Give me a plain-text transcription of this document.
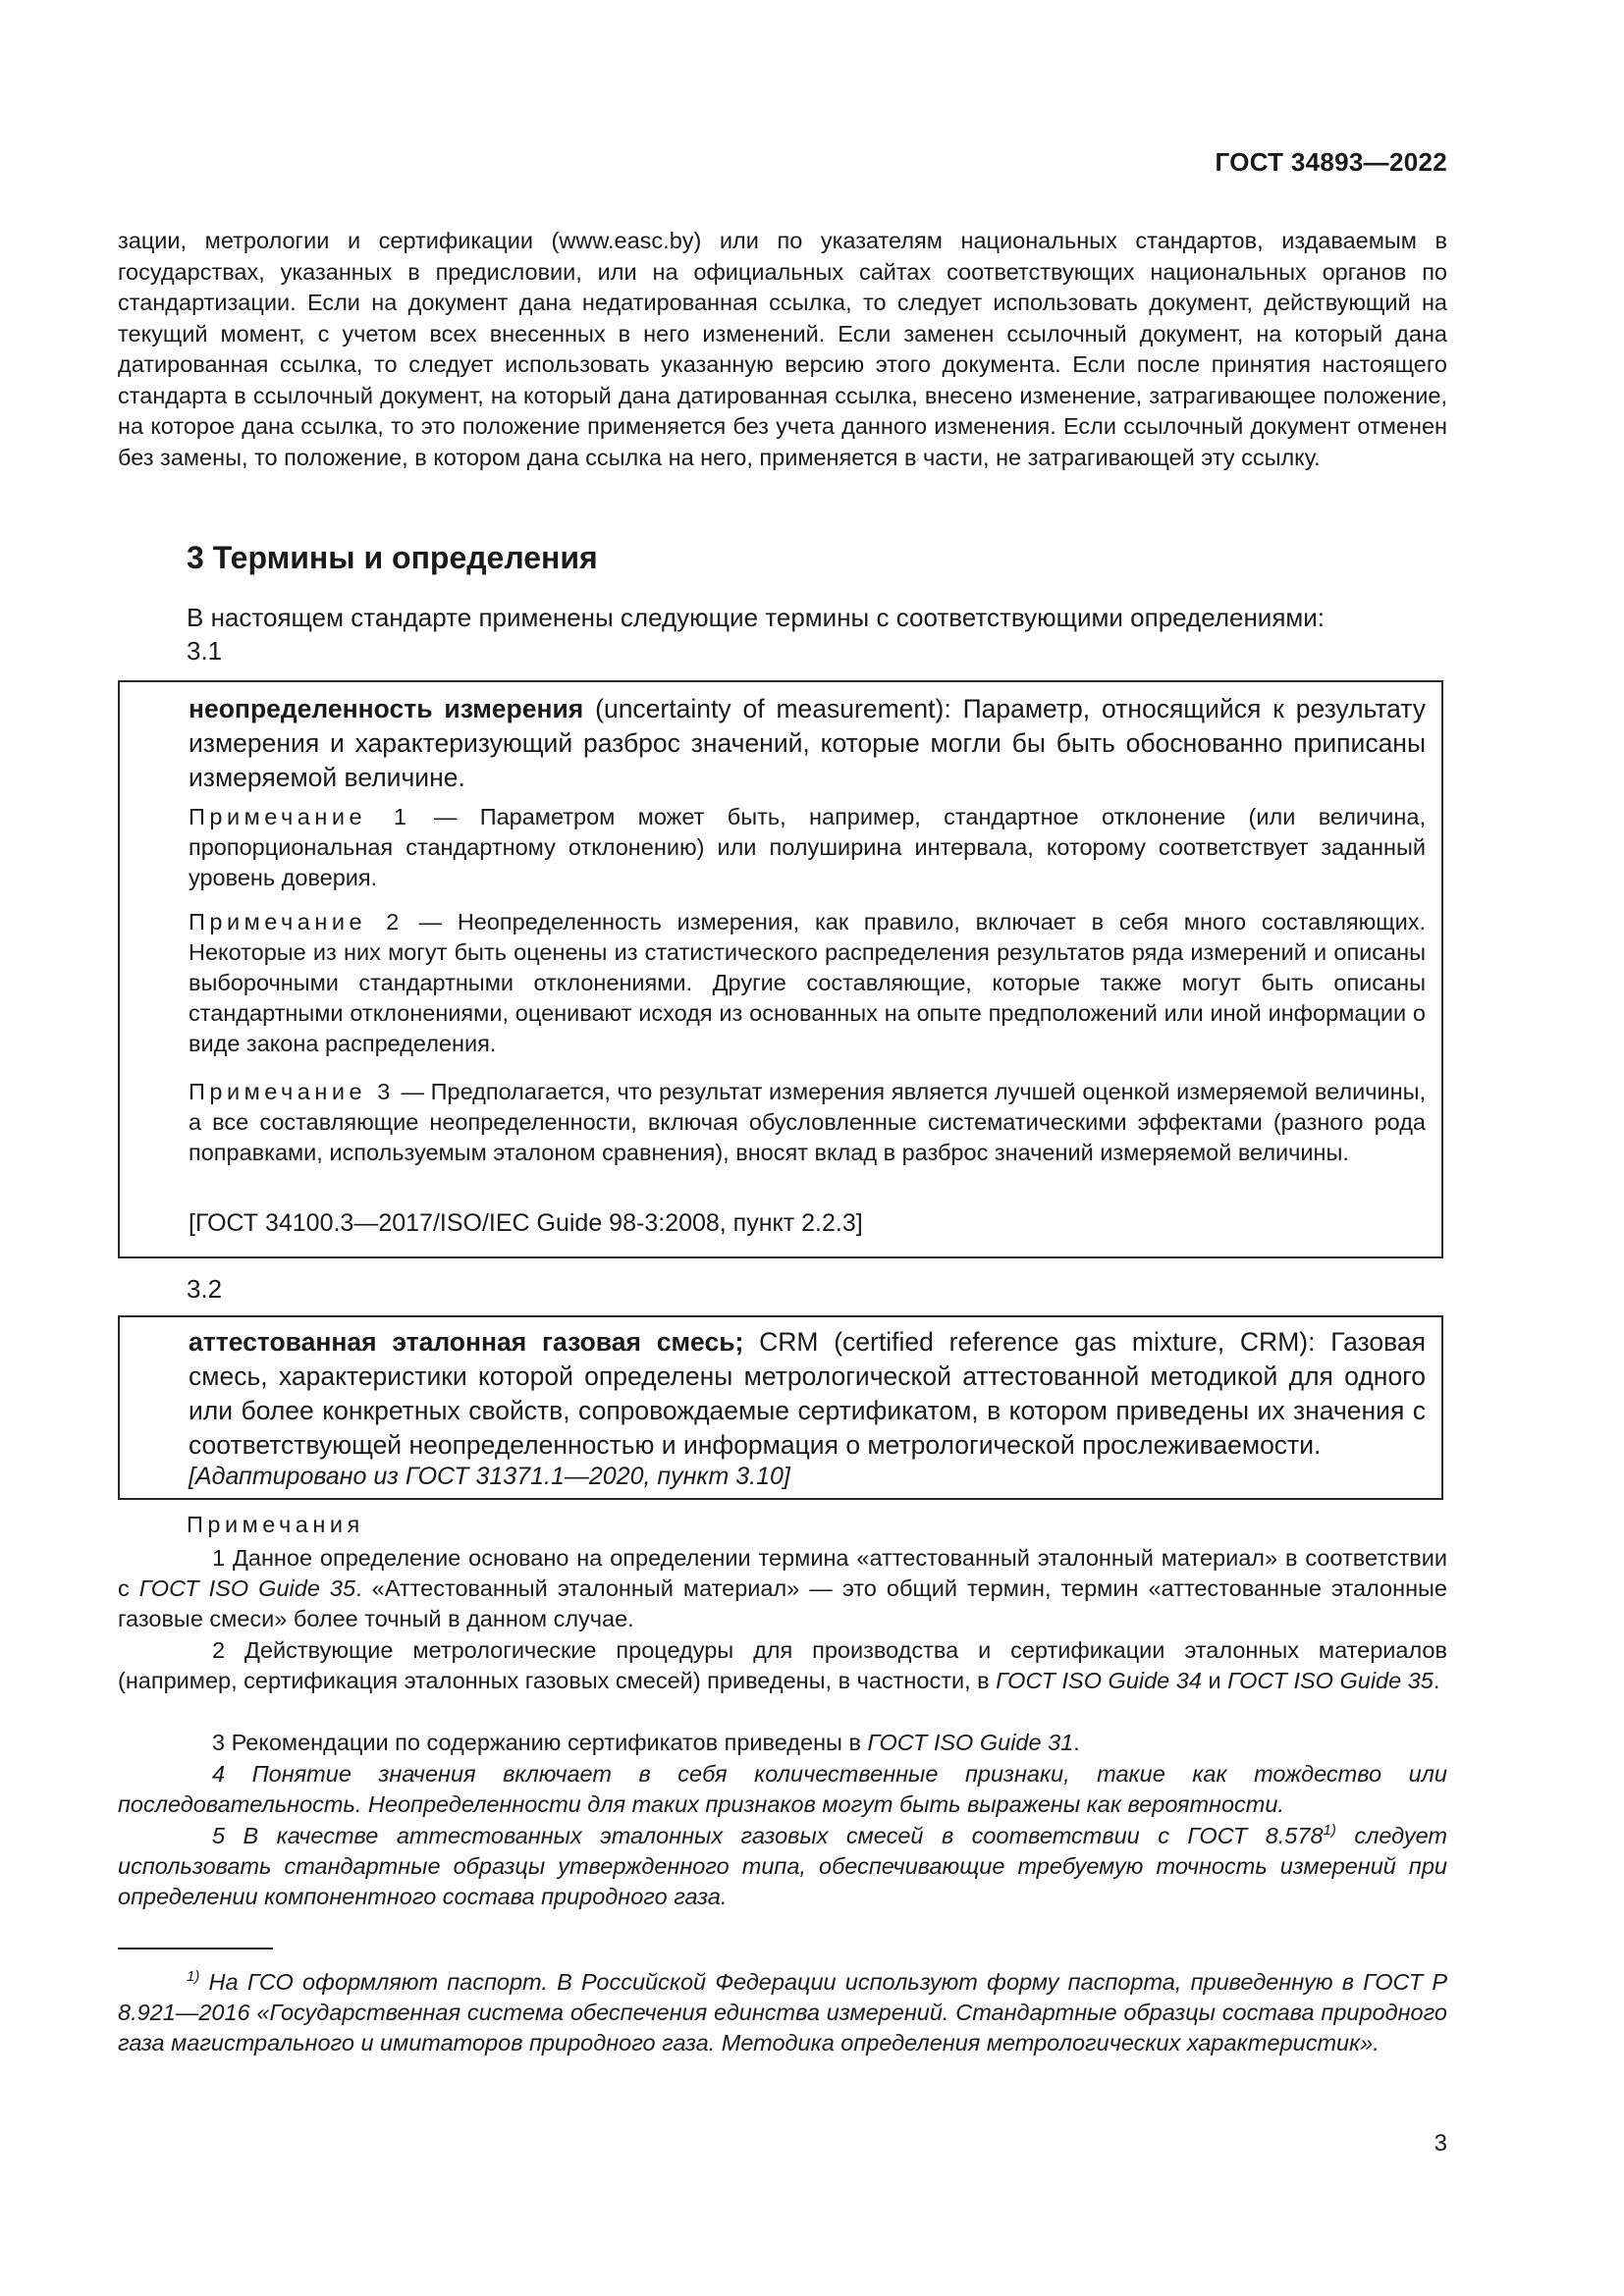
ГОСТ 34893—2022

зации, метрологии и сертификации (www.easc.by) или по указателям национальных стандартов, издаваемым в государствах, указанных в предисловии, или на официальных сайтах соответствующих национальных органов по стандартизации. Если на документ дана недатированная ссылка, то следует использовать документ, действующий на текущий момент, с учетом всех внесенных в него изменений. Если заменен ссылочный документ, на который дана датированная ссылка, то следует использовать указанную версию этого документа. Если после принятия настоящего стандарта в ссылочный документ, на который дана датированная ссылка, внесено изменение, затрагивающее положение, на которое дана ссылка, то это положение применяется без учета данного изменения. Если ссылочный документ отменен без замены, то положение, в котором дана ссылка на него, применяется в части, не затрагивающей эту ссылку.

3 Термины и определения

В настоящем стандарте применены следующие термины с соответствующими определениями:

3.1

неопределенность измерения (uncertainty of measurement): Параметр, относящийся к результату измерения и характеризующий разброс значений, которые могли бы быть обоснованно приписаны измеряемой величине.

Примечание 1 — Параметром может быть, например, стандартное отклонение (или величина, пропорциональная стандартному отклонению) или полуширина интервала, которому соответствует заданный уровень доверия.

Примечание 2 — Неопределенность измерения, как правило, включает в себя много составляющих. Некоторые из них могут быть оценены из статистического распределения результатов ряда измерений и описаны выборочными стандартными отклонениями. Другие составляющие, которые также могут быть описаны стандартными отклонениями, оценивают исходя из основанных на опыте предположений или иной информации о виде закона распределения.

Примечание 3 — Предполагается, что результат измерения является лучшей оценкой измеряемой величины, а все составляющие неопределенности, включая обусловленные систематическими эффектами (разного рода поправками, используемым эталоном сравнения), вносят вклад в разброс значений измеряемой величины.

[ГОСТ 34100.3—2017/ISO/IEC Guide 98-3:2008, пункт 2.2.3]

3.2

аттестованная эталонная газовая смесь; CRM (certified reference gas mixture, CRM): Газовая смесь, характеристики которой определены метрологической аттестованной методикой для одного или более конкретных свойств, сопровождаемые сертификатом, в котором приведены их значения с соответствующей неопределенностью и информация о метрологической прослеживаемости.

[Адаптировано из ГОСТ 31371.1—2020, пункт 3.10]

Примечания

1 Данное определение основано на определении термина «аттестованный эталонный материал» в соответствии с ГОСТ ISO Guide 35. «Аттестованный эталонный материал» — это общий термин, термин «аттестованные эталонные газовые смеси» более точный в данном случае.

2 Действующие метрологические процедуры для производства и сертификации эталонных материалов (например, сертификация эталонных газовых смесей) приведены, в частности, в ГОСТ ISO Guide 34 и ГОСТ ISO Guide 35.

3 Рекомендации по содержанию сертификатов приведены в ГОСТ ISO Guide 31.

4 Понятие значения включает в себя количественные признаки, такие как тождество или последовательность. Неопределенности для таких признаков могут быть выражены как вероятности.

5 В качестве аттестованных эталонных газовых смесей в соответствии с ГОСТ 8.578$^{1)}$ следует использовать стандартные образцы утвержденного типа, обеспечивающие требуемую точность измерений при определении компонентного состава природного газа.

$^{1)}$ На ГСО оформляют паспорт. В Российской Федерации используют форму паспорта, приведенную в ГОСТ Р 8.921—2016 «Государственная система обеспечения единства измерений. Стандартные образцы состава природного газа магистрального и имитаторов природного газа. Методика определения метрологических характеристик».

3
